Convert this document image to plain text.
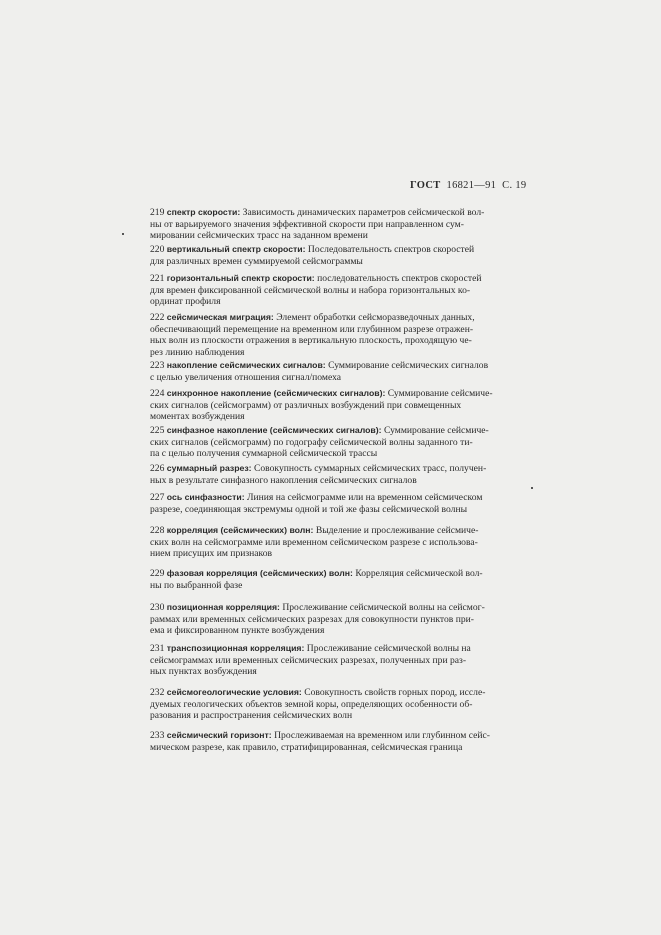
ГОСТ 16821—91 С. 19
219 спектр скорости: Зависимость динамических параметров сейсмической вол-
ны от варьируемого значения эффективной скорости при направленном сум-
мировании сейсмических трасс на заданном времени
220 вертикальный спектр скорости: Последовательность спектров скоростей
для различных времен суммируемой сейсмограммы
221 горизонтальный спектр скорости: последовательность спектров скоростей
для времен фиксированной сейсмической волны и набора горизонтальных ко-
ординат профиля
222 сейсмическая миграция: Элемент обработки сейсморазведочных данных,
обеспечивающий перемещение на временном или глубинном разрезе отражен-
ных волн из плоскости отражения в вертикальную плоскость, проходящую че-
рез линию наблюдения
223 накопление сейсмических сигналов: Суммирование сейсмических сигналов
с целью увеличения отношения сигнал/помеха
224 синхронное накопление (сейсмических сигналов): Суммирование сейсмиче-
ских сигналов (сейсмограмм) от различных возбуждений при совмещенных
моментах возбуждения
225 синфазное накопление (сейсмических сигналов): Суммирование сейсмиче-
ских сигналов (сейсмограмм) по годографу сейсмической волны заданного ти-
па с целью получения суммарной сейсмической трассы
226 суммарный разрез: Совокупность суммарных сейсмических трасс, получен-
ных в результате синфазного накопления сейсмических сигналов
227 ось синфазности: Линия на сейсмограмме или на временном сейсмическом
разрезе, соединяющая экстремумы одной и той же фазы сейсмической волны
228 корреляция (сейсмических) волн: Выделение и прослеживание сейсмиче-
ских волн на сейсмограмме или временном сейсмическом разрезе с использова-
нием присущих им признаков
229 фазовая корреляция (сейсмических) волн: Корреляция сейсмической вол-
ны по выбранной фазе
230 позиционная корреляция: Прослеживание сейсмической волны на сейсмог-
раммах или временных сейсмических разрезах для совокупности пунктов при-
ема и фиксированном пункте возбуждения
231 транспозиционная корреляция: Прослеживание сейсмической волны на
сейсмограммах или временных сейсмических разрезах, полученных при раз-
ных пунктах возбуждения
232 сейсмогеологические условия: Совокупность свойств горных пород, иссле-
дуемых геологических объектов земной коры, определяющих особенности об-
разования и распространения сейсмических волн
233 сейсмический горизонт: Прослеживаемая на временном или глубинном сейс-
мическом разрезе, как правило, стратифицированная, сейсмическая граница
